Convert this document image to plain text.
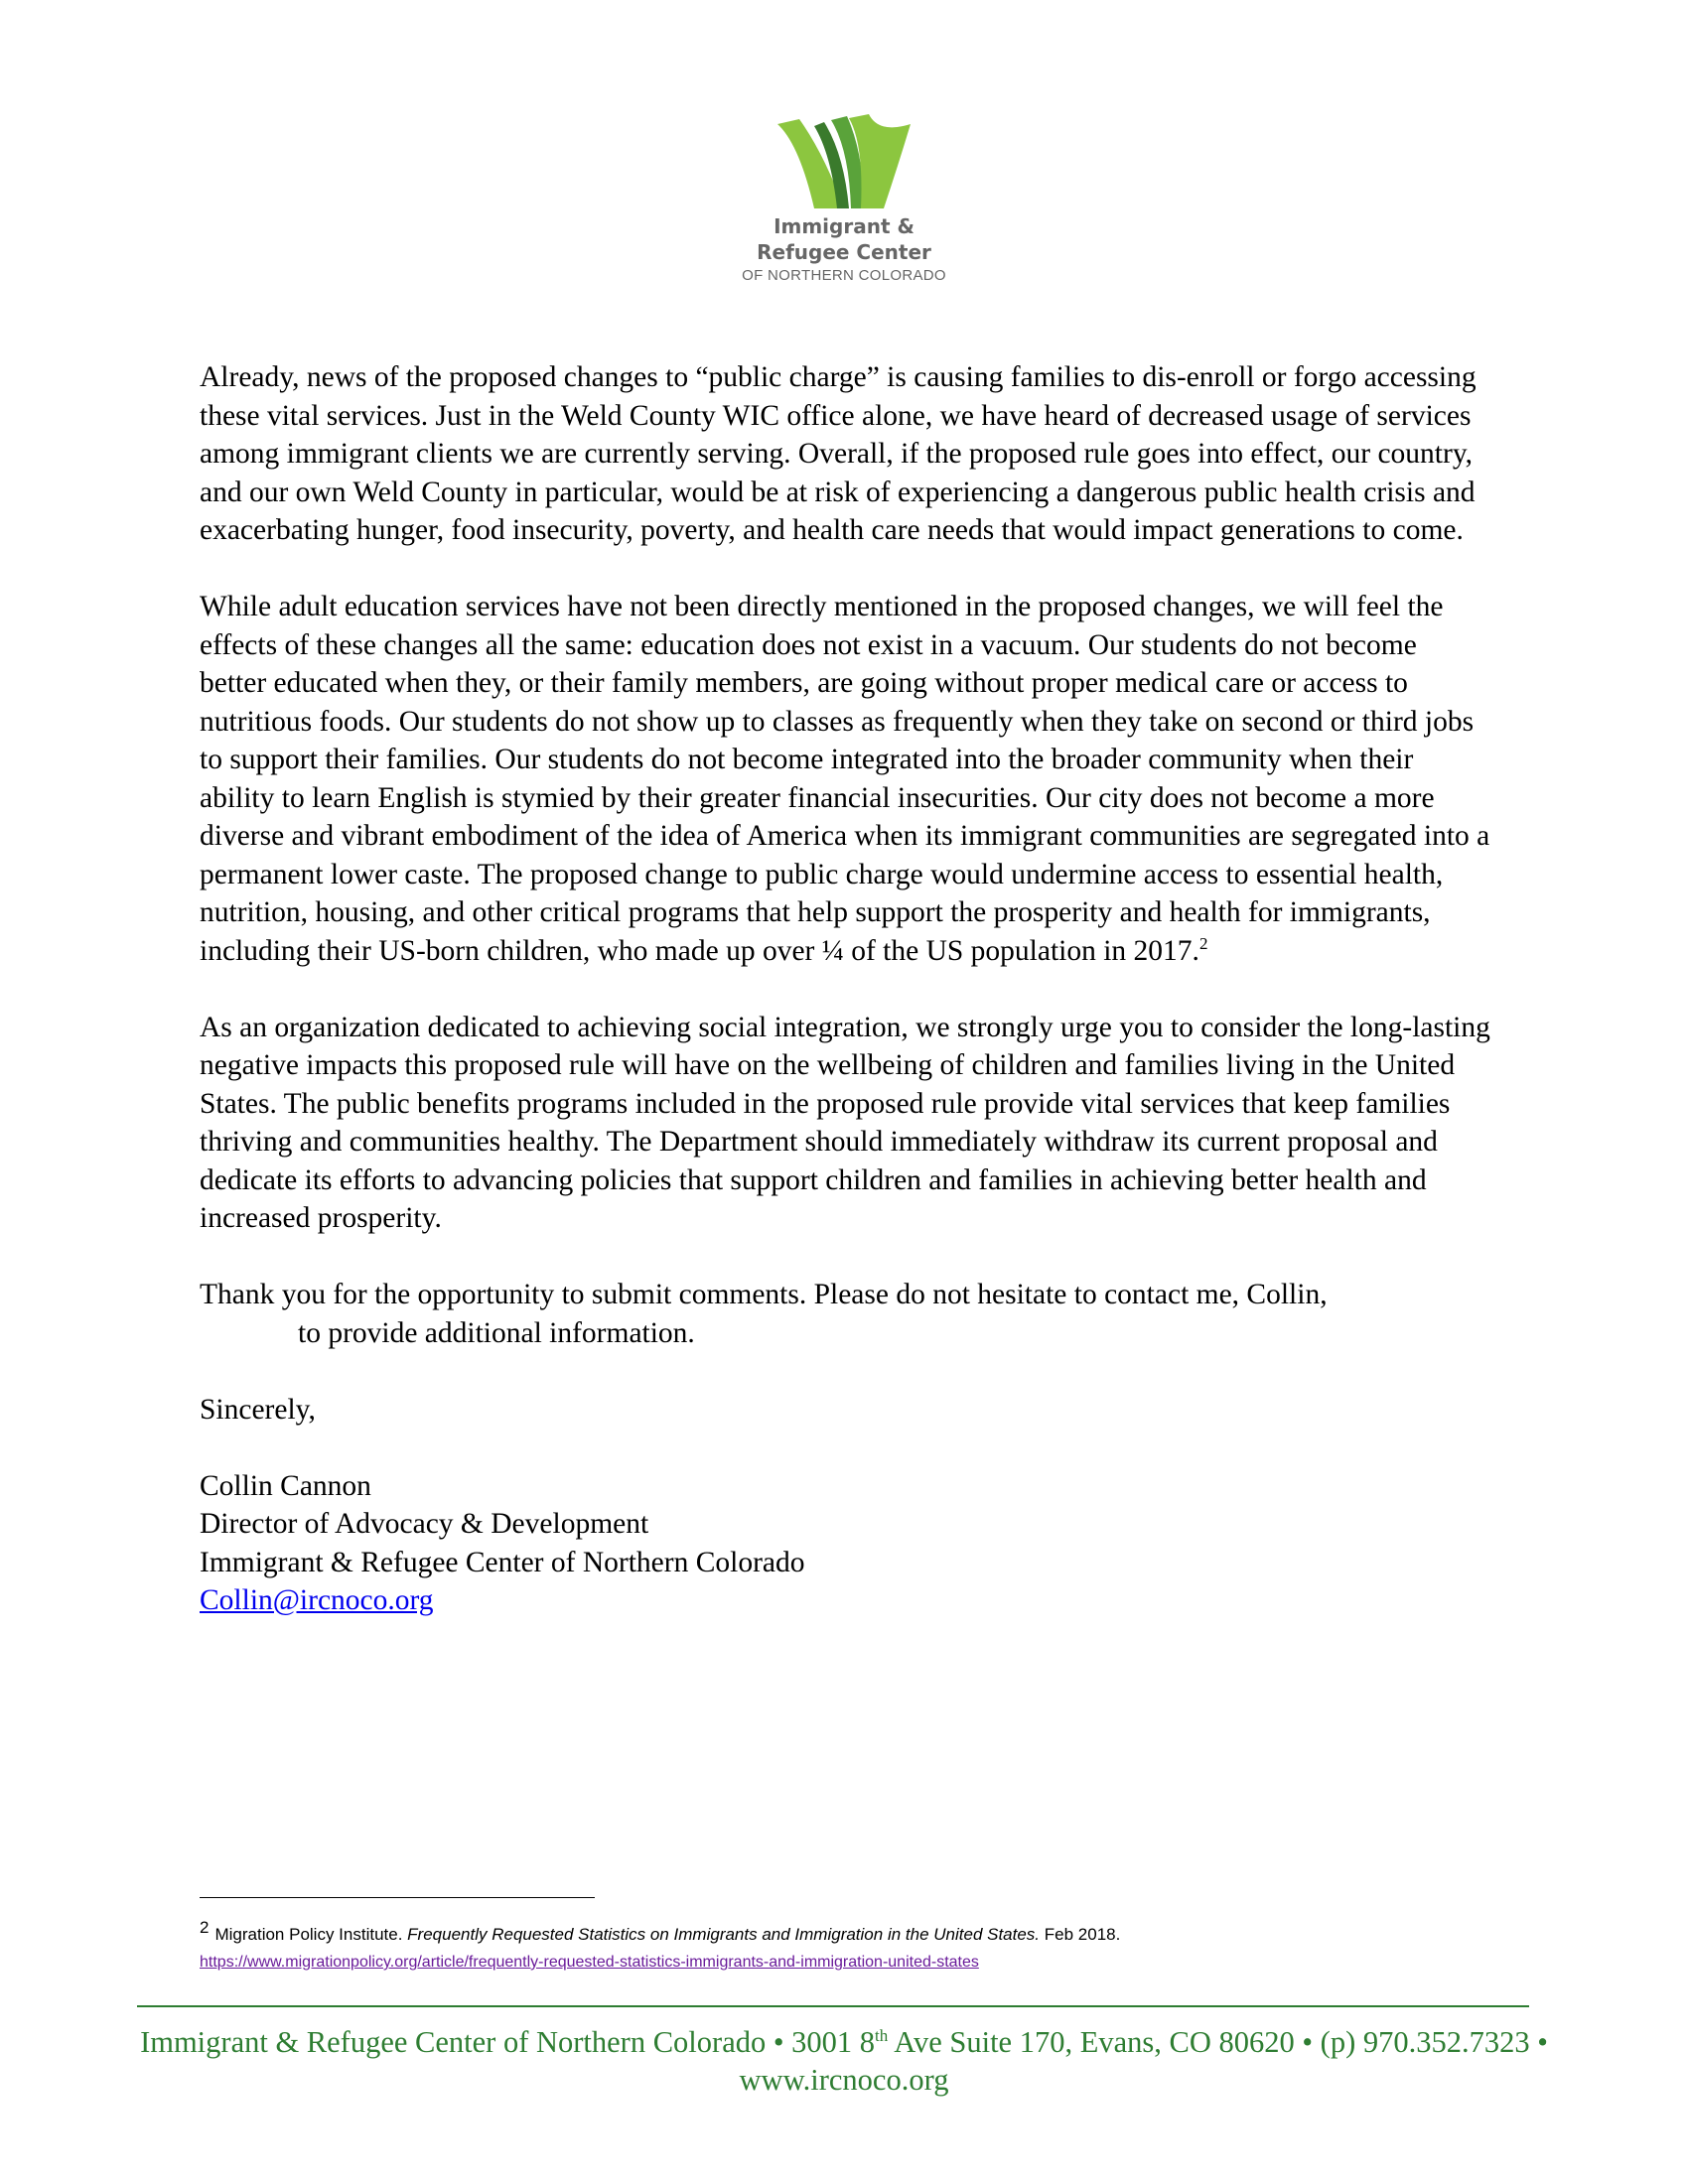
Immigrant &
Refugee Center
OF NORTHERN COLORADO

Already, news of the proposed changes to “public charge” is causing families to dis-enroll or forgo accessing these vital services. Just in the Weld County WIC office alone, we have heard of decreased usage of services among immigrant clients we are currently serving. Overall, if the proposed rule goes into effect, our country, and our own Weld County in particular, would be at risk of experiencing a dangerous public health crisis and exacerbating hunger, food insecurity, poverty, and health care needs that would impact generations to come.

While adult education services have not been directly mentioned in the proposed changes, we will feel the effects of these changes all the same: education does not exist in a vacuum. Our students do not become better educated when they, or their family members, are going without proper medical care or access to nutritious foods. Our students do not show up to classes as frequently when they take on second or third jobs to support their families. Our students do not become integrated into the broader community when their ability to learn English is stymied by their greater financial insecurities. Our city does not become a more diverse and vibrant embodiment of the idea of America when its immigrant communities are segregated into a permanent lower caste. The proposed change to public charge would undermine access to essential health, nutrition, housing, and other critical programs that help support the prosperity and health for immigrants, including their US-born children, who made up over ¼ of the US population in 2017.$^2$

As an organization dedicated to achieving social integration, we strongly urge you to consider the long-lasting negative impacts this proposed rule will have on the wellbeing of children and families living in the United States. The public benefits programs included in the proposed rule provide vital services that keep families thriving and communities healthy. The Department should immediately withdraw its current proposal and dedicate its efforts to advancing policies that support children and families in achieving better health and increased prosperity.

Thank you for the opportunity to submit comments. Please do not hesitate to contact me, Collin,
to provide additional information.

Sincerely,

Collin Cannon
Director of Advocacy & Development
Immigrant & Refugee Center of Northern Colorado
Collin@ircnoco.org

2 Migration Policy Institute. Frequently Requested Statistics on Immigrants and Immigration in the United States. Feb 2018.
https://www.migrationpolicy.org/article/frequently-requested-statistics-immigrants-and-immigration-united-states
Immigrant & Refugee Center of Northern Colorado • 3001 8th Ave Suite 170, Evans, CO 80620 • (p) 970.352.7323 •
www.ircnoco.org
